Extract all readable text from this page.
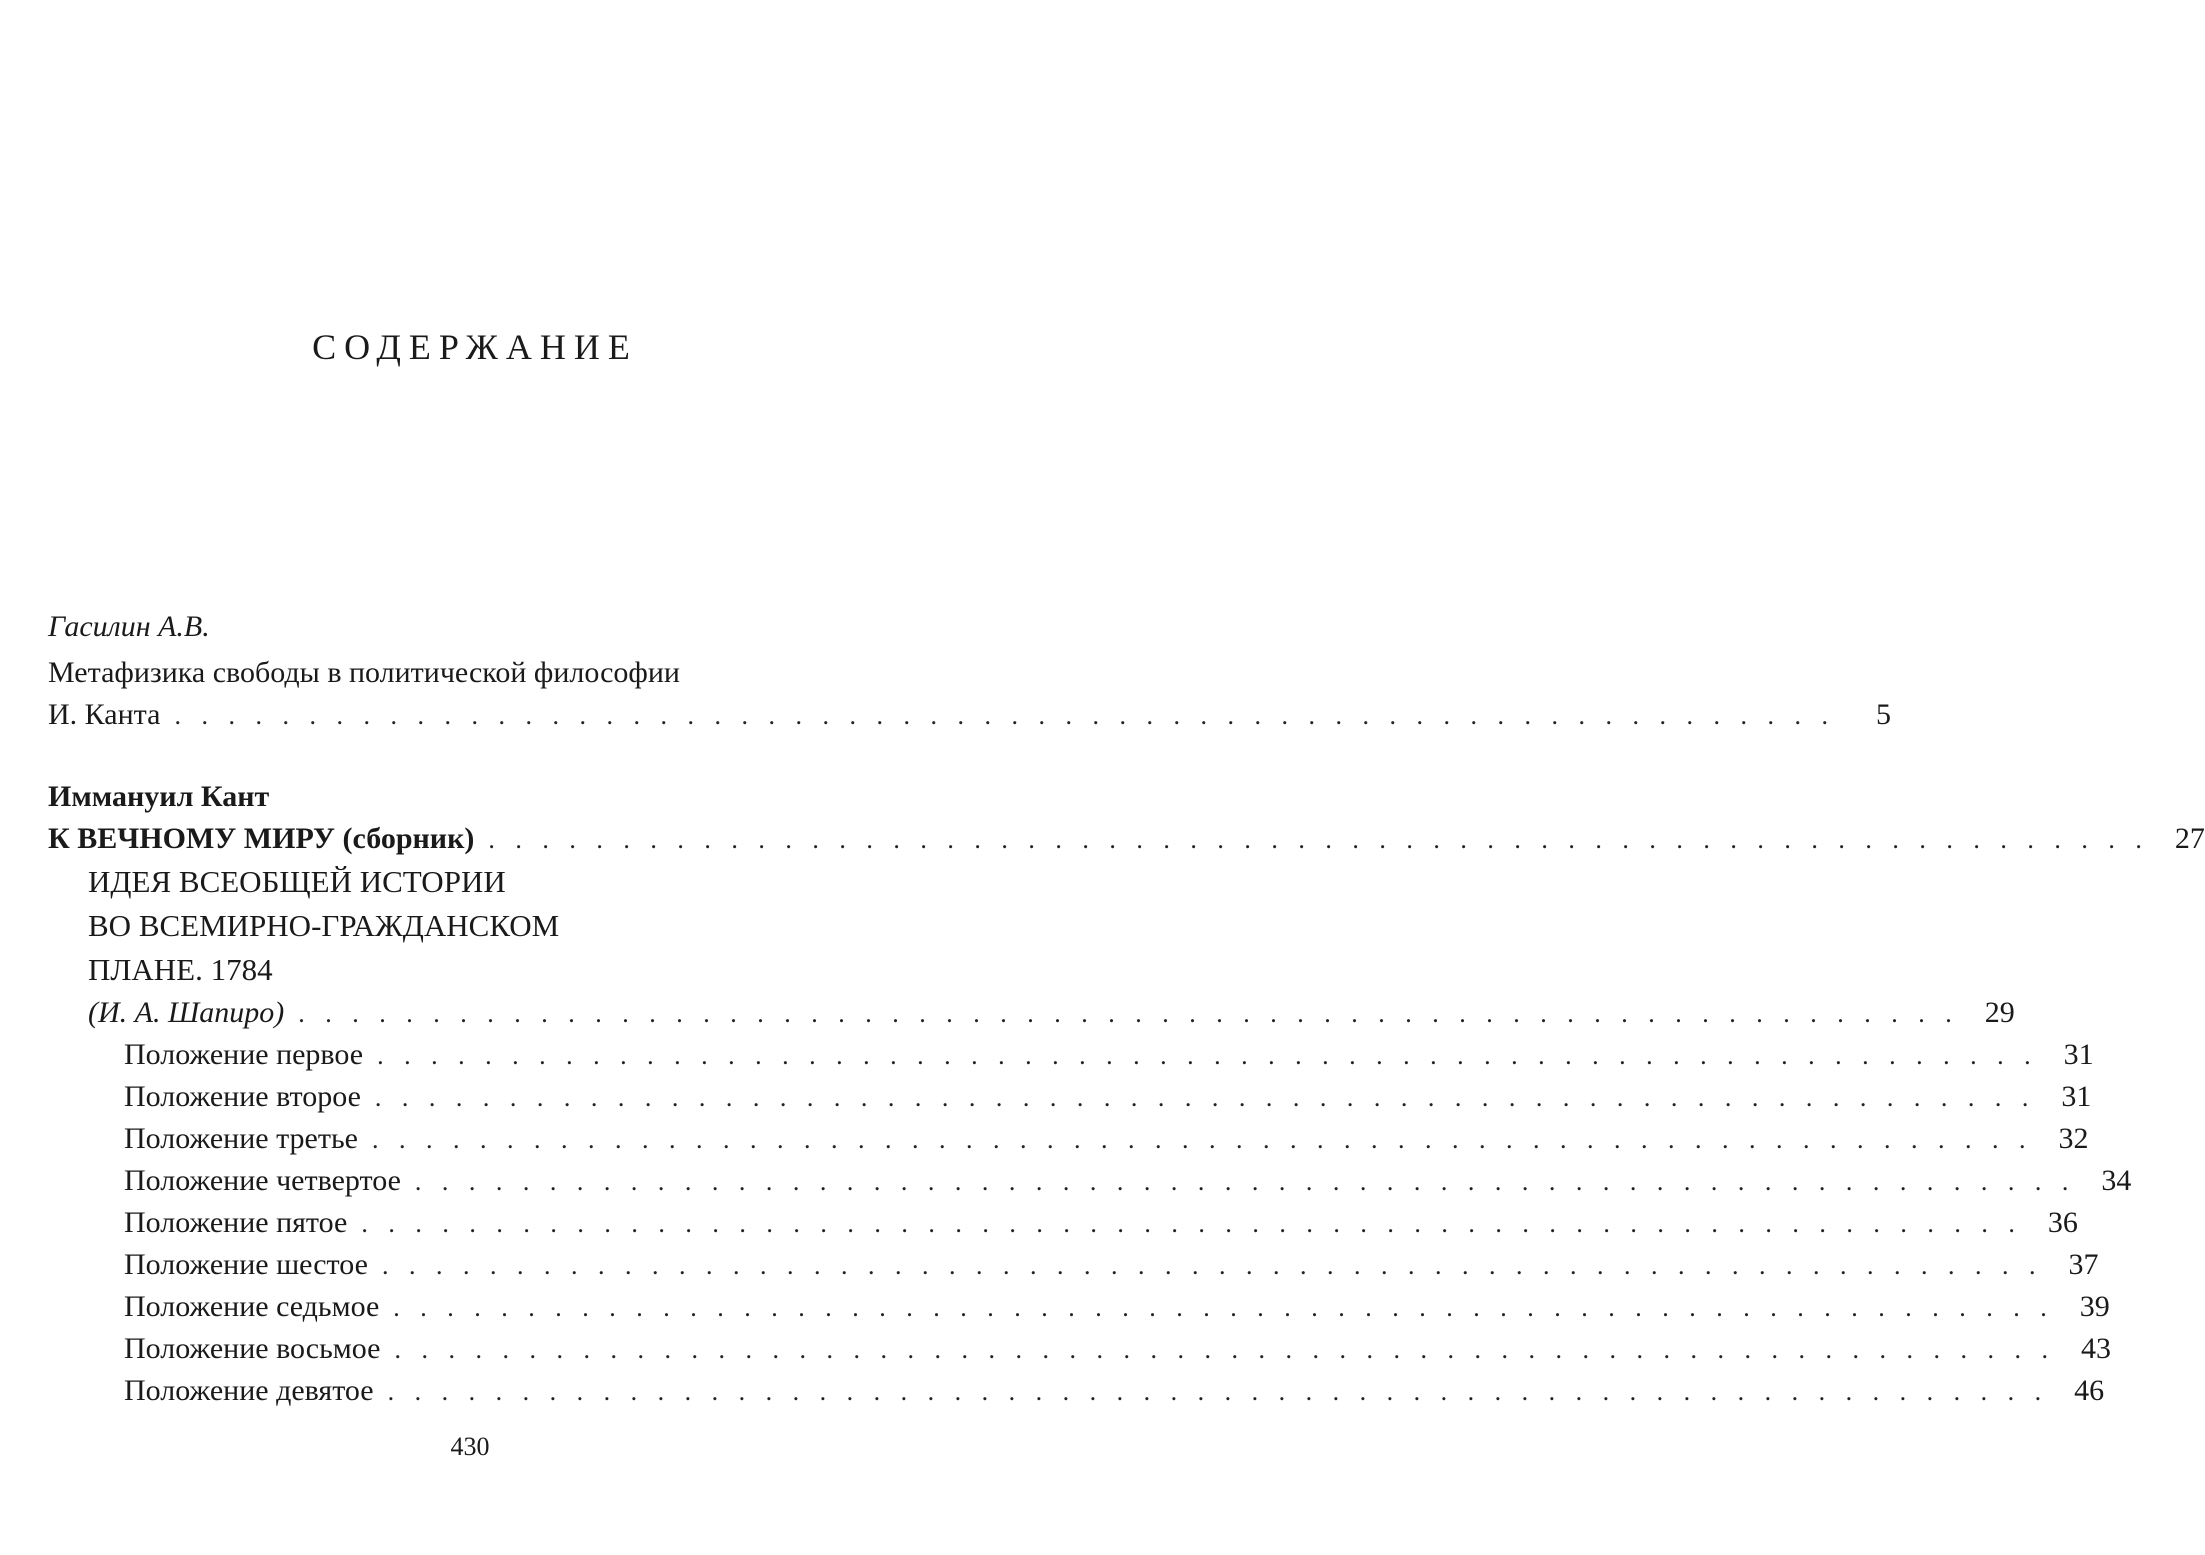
СОДЕРЖАНИЕ
Гасилин А.В.
Метафизика свободы в политической философии
И. Канта . . . . . . . . . . . . . . . . . . . . . . . . . . . . . . . . . . . . . . . . . . . . . . . . . . . . . . . . . . . . . .	5
Иммануил Кант
К ВЕЧНОМУ МИРУ (сборник) . . . . . . . . . . . . . . . . . . . . . . . . . . . . . . . . . . . . . . . . . . . . . . . . . . . . . . . . . . . . . . 27
ИДЕЯ ВСЕОБЩЕЙ ИСТОРИИ
ВО ВСЕМИРНО-ГРАЖДАНСКОМ
ПЛАНЕ. 1784
(И. А. Шапиро) . . . . . . . . . . . . . . . . . . . . . . . . . . . . . . . . . . . . . . . . . . . . . . . . . . . . . . . . . . . . . . 29
Положение первое . . . . . . . . . . . . . . . . . . . . . . . . . . . . . . . . . . . . . . . . . . . . . . . . . . . . . . . . . . . . . . 31
Положение второе . . . . . . . . . . . . . . . . . . . . . . . . . . . . . . . . . . . . . . . . . . . . . . . . . . . . . . . . . . . . . . 31
Положение третье . . . . . . . . . . . . . . . . . . . . . . . . . . . . . . . . . . . . . . . . . . . . . . . . . . . . . . . . . . . . . . 32
Положение четвертое . . . . . . . . . . . . . . . . . . . . . . . . . . . . . . . . . . . . . . . . . . . . . . . . . . . . . . . . . . . . . . 34
Положение пятое . . . . . . . . . . . . . . . . . . . . . . . . . . . . . . . . . . . . . . . . . . . . . . . . . . . . . . . . . . . . . . 36
Положение шестое . . . . . . . . . . . . . . . . . . . . . . . . . . . . . . . . . . . . . . . . . . . . . . . . . . . . . . . . . . . . . . 37
Положение седьмое . . . . . . . . . . . . . . . . . . . . . . . . . . . . . . . . . . . . . . . . . . . . . . . . . . . . . . . . . . . . . . 39
Положение восьмое . . . . . . . . . . . . . . . . . . . . . . . . . . . . . . . . . . . . . . . . . . . . . . . . . . . . . . . . . . . . . . 43
Положение девятое . . . . . . . . . . . . . . . . . . . . . . . . . . . . . . . . . . . . . . . . . . . . . . . . . . . . . . . . . . . . . . 46
430
